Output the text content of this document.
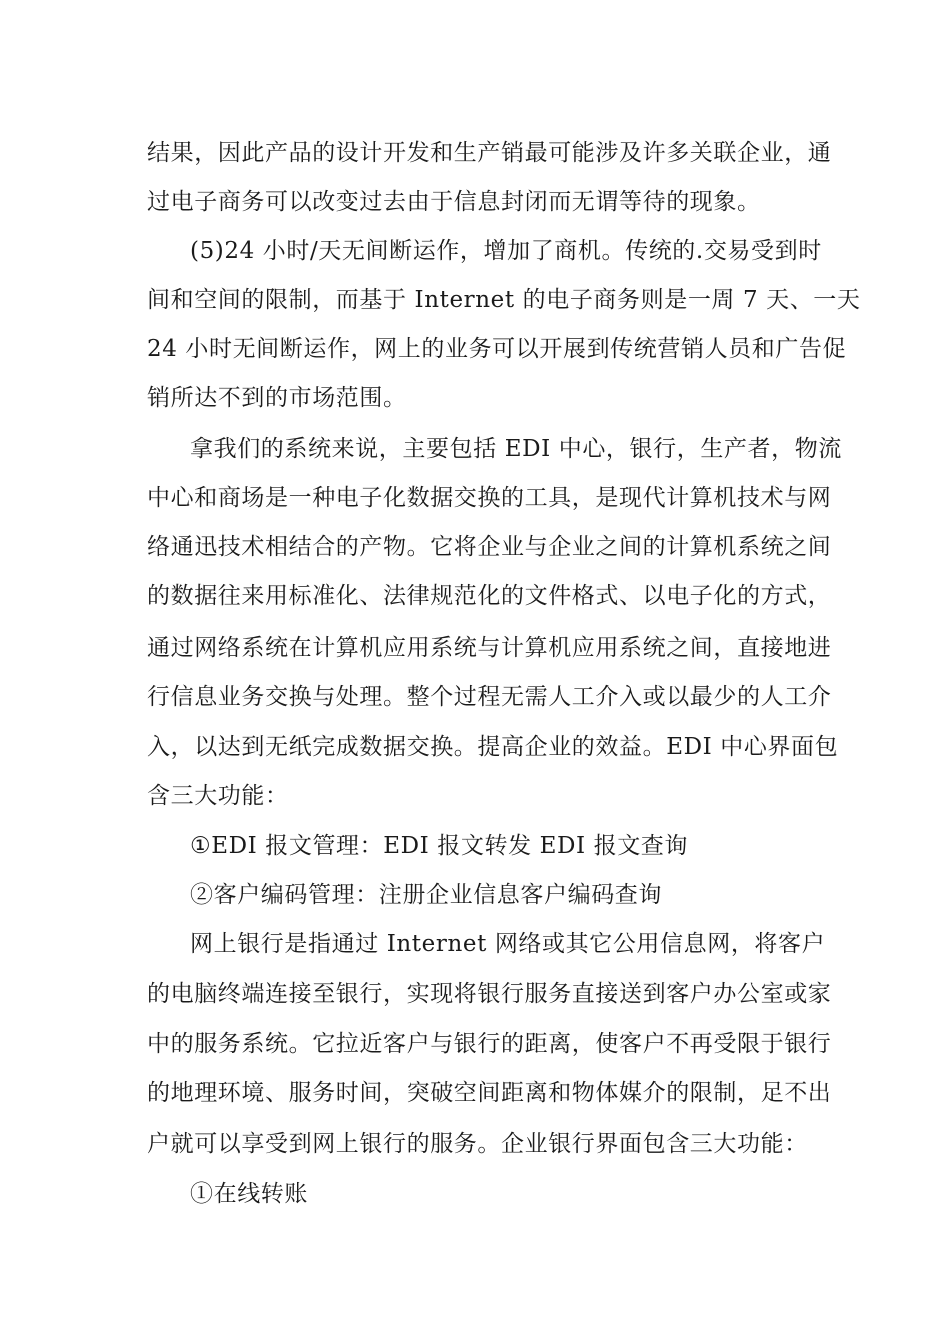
结果，因此产品的设计开发和生产销最可能涉及许多关联企业，通
过电子商务可以改变过去由于信息封闭而无谓等待的现象。
(5)24 小时/天无间断运作，增加了商机。传统的.交易受到时
间和空间的限制，而基于 Internet 的电子商务则是一周 7 天、一天
24 小时无间断运作，网上的业务可以开展到传统营销人员和广告促
销所达不到的市场范围。
拿我们的系统来说，主要包括 EDI 中心，银行，生产者，物流
中心和商场是一种电子化数据交换的工具，是现代计算机技术与网
络通迅技术相结合的产物。它将企业与企业之间的计算机系统之间
的数据往来用标准化、法律规范化的文件格式、以电子化的方式，
通过网络系统在计算机应用系统与计算机应用系统之间，直接地进
行信息业务交换与处理。整个过程无需人工介入或以最少的人工介
入，以达到无纸完成数据交换。提高企业的效益。EDI 中心界面包
含三大功能：
①EDI 报文管理：EDI 报文转发 EDI 报文查询
②客户编码管理：注册企业信息客户编码查询
网上银行是指通过 Internet 网络或其它公用信息网，将客户
的电脑终端连接至银行，实现将银行服务直接送到客户办公室或家
中的服务系统。它拉近客户与银行的距离，使客户不再受限于银行
的地理环境、服务时间，突破空间距离和物体媒介的限制，足不出
户就可以享受到网上银行的服务。企业银行界面包含三大功能：
①在线转账
